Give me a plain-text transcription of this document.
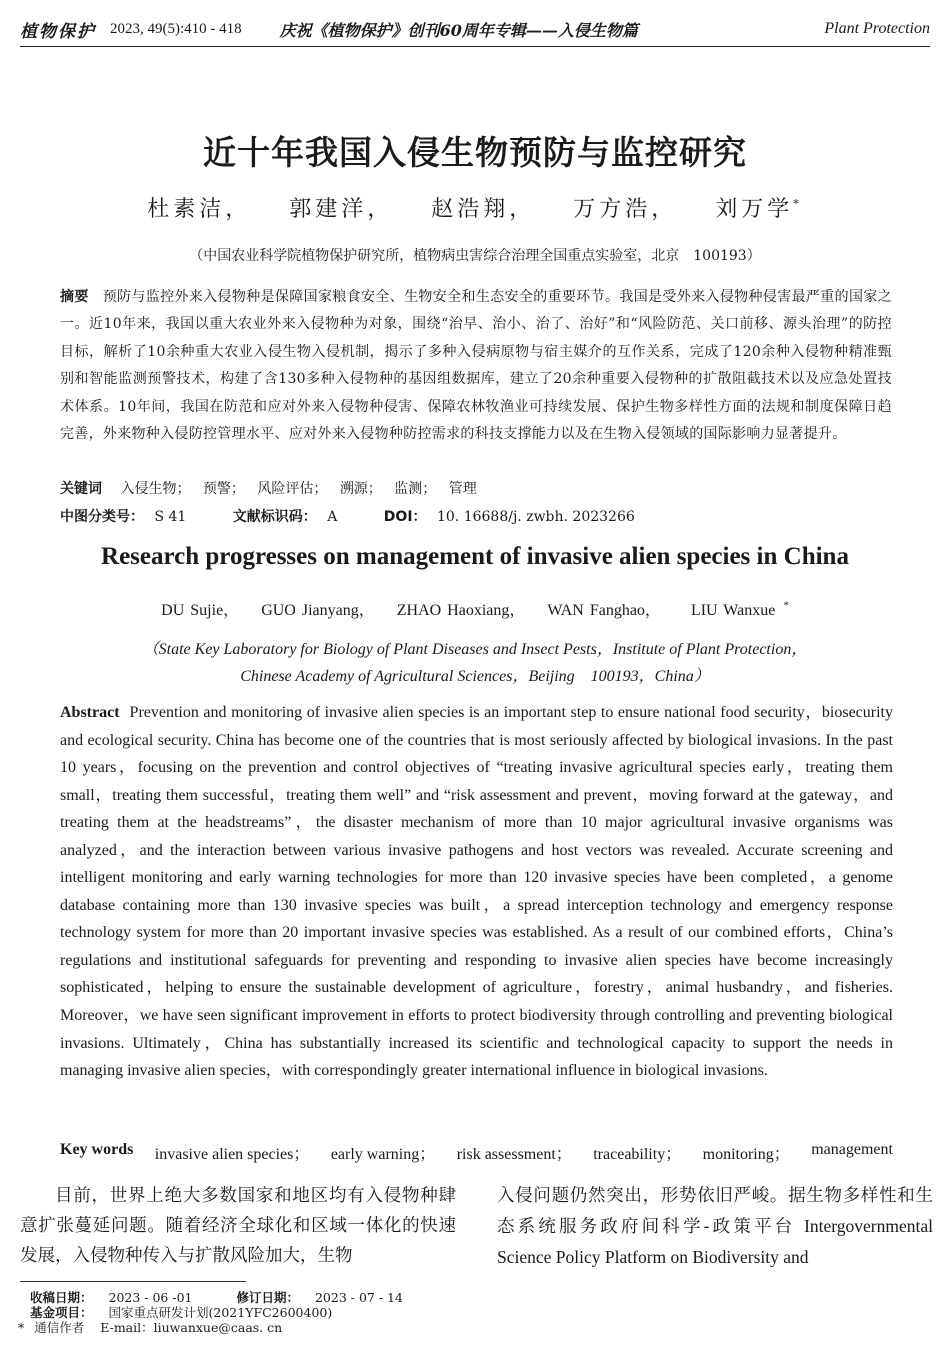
植物保护 2023, 49(5):410 - 418 庆祝《植物保护》创刊60周年专辑——入侵生物篇	Plant Protection
近十年我国入侵生物预防与监控研究
杜素洁， 郭建洋， 赵浩翔， 万方浩， 刘万学*
（中国农业科学院植物保护研究所，植物病虫害综合治理全国重点实验室，北京　100193）
摘要 预防与监控外来入侵物种是保障国家粮食安全、生物安全和生态安全的重要环节。我国是受外来入侵物种侵害最严重的国家之一。近10年来，我国以重大农业外来入侵物种为对象，围绕“治早、治小、治了、治好”和“风险防范、关口前移、源头治理”的防控目标，解析了10余种重大农业入侵生物入侵机制，揭示了多种入侵病原物与宿主媒介的互作关系，完成了120余种入侵物种精准甄别和智能监测预警技术，构建了含130多种入侵物种的基因组数据库，建立了20余种重要入侵物种的扩散阻截技术以及应急处置技术体系。10年间，我国在防范和应对外来入侵物种侵害、保障农林牧渔业可持续发展、保护生物多样性方面的法规和制度保障日趋完善，外来物种入侵防控管理水平、应对外来入侵物种防控需求的科技支撑能力以及在生物入侵领域的国际影响力显著提升。
关键词 入侵生物； 预警； 风险评估； 溯源； 监测； 管理
中图分类号： S 41	文献标识码： A	DOI： 10. 16688/j. zwbh. 2023266
Research progresses on management of invasive alien species in China
DU Sujie， GUO Jianyang， ZHAO Haoxiang， WAN Fanghao， LIU Wanxue *
（State Key Laboratory for Biology of Plant Diseases and Insect Pests，Institute of Plant Protection，
Chinese Academy of Agricultural Sciences，Beijing　100193，China）
Abstract Prevention and monitoring of invasive alien species is an important step to ensure national food security，biosecurity and ecological security. China has become one of the countries that is most seriously affected by biological invasions. In the past 10 years，focusing on the prevention and control objectives of “treating invasive agricultural species early，treating them small，treating them successful，treating them well” and “risk assessment and prevent，moving forward at the gateway，and treating them at the headstreams”，the disaster mechanism of more than 10 major agricultural invasive organisms was analyzed，and the interaction between various invasive pathogens and host vectors was revealed. Accurate screening and intelligent monitoring and early warning technologies for more than 120 invasive species have been completed，a genome database containing more than 130 invasive species was built，a spread interception technology and emergency response technology system for more than 20 important invasive species was established. As a result of our combined efforts，China’s regulations and institutional safeguards for preventing and responding to invasive alien species have become increasingly sophisticated，helping to ensure the sustainable development of agriculture，forestry，animal husbandry，and fisheries. Moreover，we have seen significant improvement in efforts to protect biodiversity through controlling and preventing biological invasions. Ultimately，China has substantially increased its scientific and technological capacity to support the needs in managing invasive alien species，with correspondingly greater international influence in biological invasions.
Key words invasive alien species； early warning； risk assessment； traceability； monitoring； management
目前，世界上绝大多数国家和地区均有入侵物种肆意扩张蔓延问题。随着经济全球化和区域一体化的快速发展，入侵物种传入与扩散风险加大，生物
入侵问题仍然突出，形势依旧严峻。据生物多样性和生态系统服务政府间科学-政策平台 Intergovernmental Science Policy Platform on Biodiversity and
收稿日期： 2023 - 06 -01	修订日期： 2023 - 07 - 14
基金项目： 国家重点研发计划(2021YFC2600400)
* 通信作者 E-mail：liuwanxue@caas. cn
